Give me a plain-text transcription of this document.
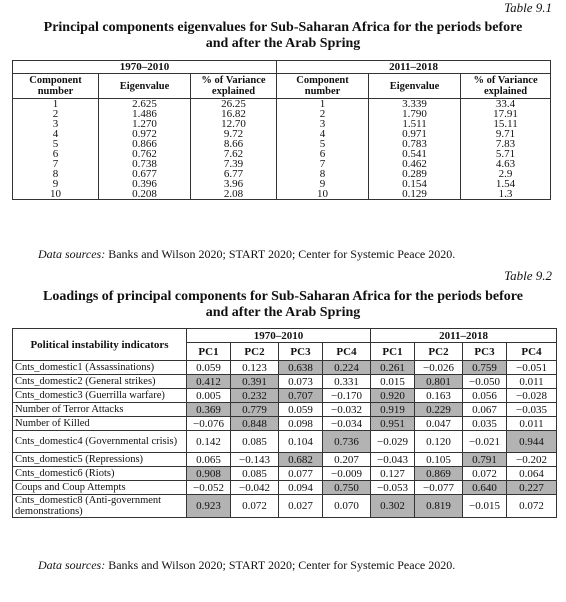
Table 9.1
Principal components eigenvalues for Sub-Saharan Africa for the periods before
and after the Arab Spring
1970–2010			2011–2018		
Component number	Eigenvalue	% of Variance explained	Component number	Eigenvalue	% of Variance explained
1	2.625	26.25	1	3.339	33.4
2	1.486	16.82	2	1.790	17.91
3	1.270	12.70	3	1.511	15.11
4	0.972	9.72	4	0.971	9.71
5	0.866	8.66	5	0.783	7.83
6	0.762	7.62	6	0.541	5.71
7	0.738	7.39	7	0.462	4.63
8	0.677	6.77	8	0.289	2.9
9	0.396	3.96	9	0.154	1.54
10	0.208	2.08	10	0.129	1.3
Data sources: Banks and Wilson 2020; START 2020; Center for Systemic Peace 2020.
Table 9.2
Loadings of principal components for Sub-Saharan Africa for the periods before
and after the Arab Spring
Political instability indicators	1970–2010				2011–2018			
	PC1	PC2	PC3	PC4	PC1	PC2	PC3	PC4
Cnts_domestic1 (Assassinations)	0.059	0.123	0.638	0.224	0.261	−0.026	0.759	−0.051
Cnts_domestic2 (General strikes)	0.412	0.391	0.073	0.331	0.015	0.801	−0.050	0.011
Cnts_domestic3 (Guerrilla warfare)	0.005	0.232	0.707	−0.170	0.920	0.163	0.056	−0.028
Number of Terror Attacks	0.369	0.779	0.059	−0.032	0.919	0.229	0.067	−0.035
Number of Killed	−0.076	0.848	0.098	−0.034	0.951	0.047	0.035	0.011
Cnts_domestic4 (Governmental crisis)	0.142	0.085	0.104	0.736	−0.029	0.120	−0.021	0.944
Cnts_domestic5 (Repressions)	0.065	−0.143	0.682	0.207	−0.043	0.105	0.791	−0.202
Cnts_domestic6 (Riots)	0.908	0.085	0.077	−0.009	0.127	0.869	0.072	0.064
Coups and Coup Attempts	−0.052	−0.042	0.094	0.750	−0.053	−0.077	0.640	0.227
Cnts_domestic8 (Anti-government demonstrations)	0.923	0.072	0.027	0.070	0.302	0.819	−0.015	0.072
Data sources: Banks and Wilson 2020; START 2020; Center for Systemic Peace 2020.
